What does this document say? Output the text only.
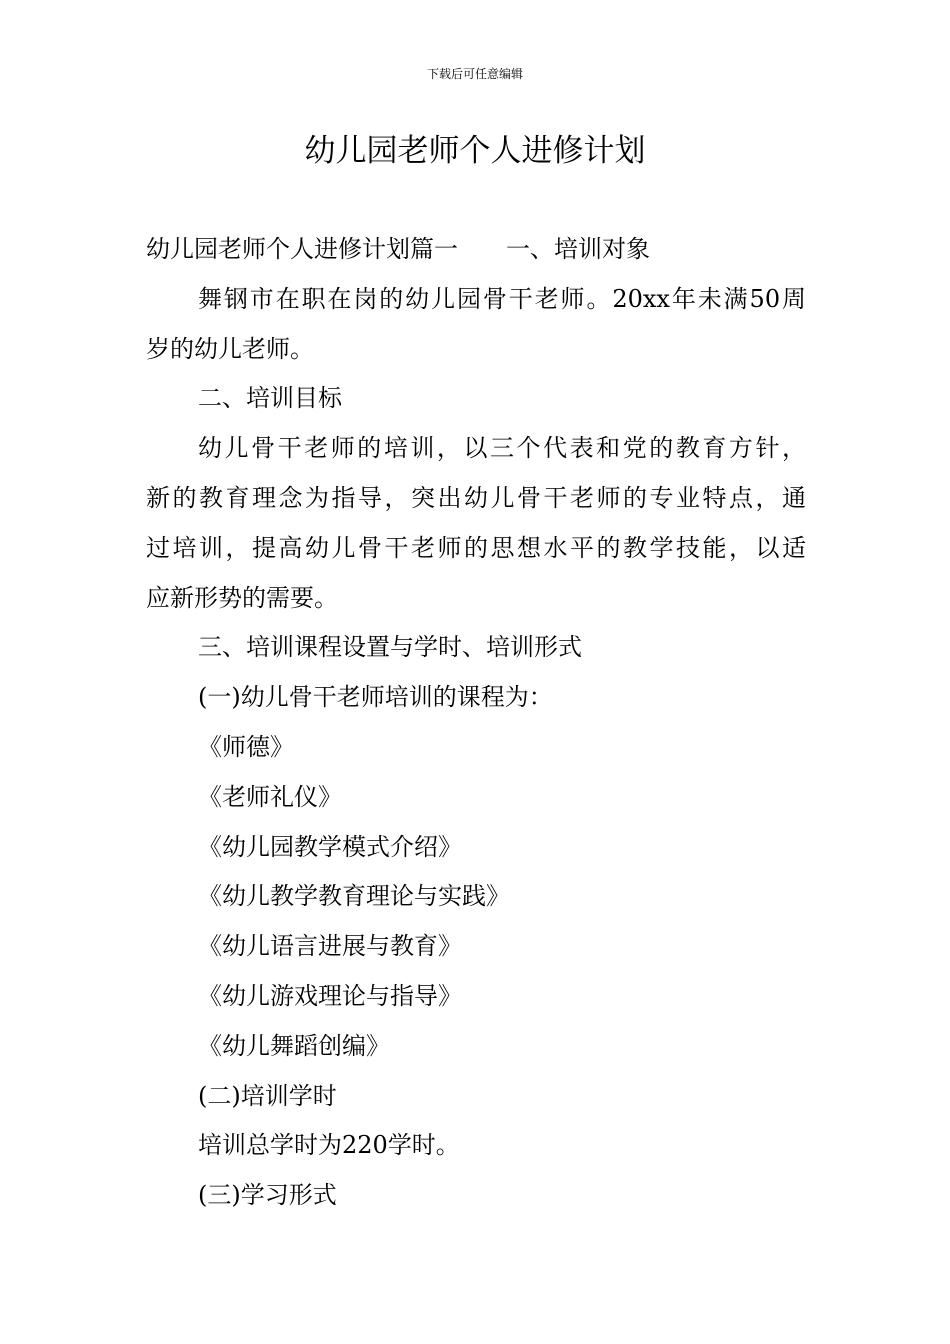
下载后可任意编辑
幼儿园老师个人进修计划
幼儿园老师个人进修计划篇一 一、培训对象
舞钢市在职在岗的幼儿园骨干老师。20xx年未满50周
岁的幼儿老师。
二、培训目标
幼儿骨干老师的培训，以三个代表和党的教育方针，
新的教育理念为指导，突出幼儿骨干老师的专业特点，通
过培训，提高幼儿骨干老师的思想水平的教学技能，以适
应新形势的需要。
三、培训课程设置与学时、培训形式
(一)幼儿骨干老师培训的课程为：
《师德》
《老师礼仪》
《幼儿园教学模式介绍》
《幼儿教学教育理论与实践》
《幼儿语言进展与教育》
《幼儿游戏理论与指导》
《幼儿舞蹈创编》
(二)培训学时
培训总学时为220学时。
(三)学习形式
